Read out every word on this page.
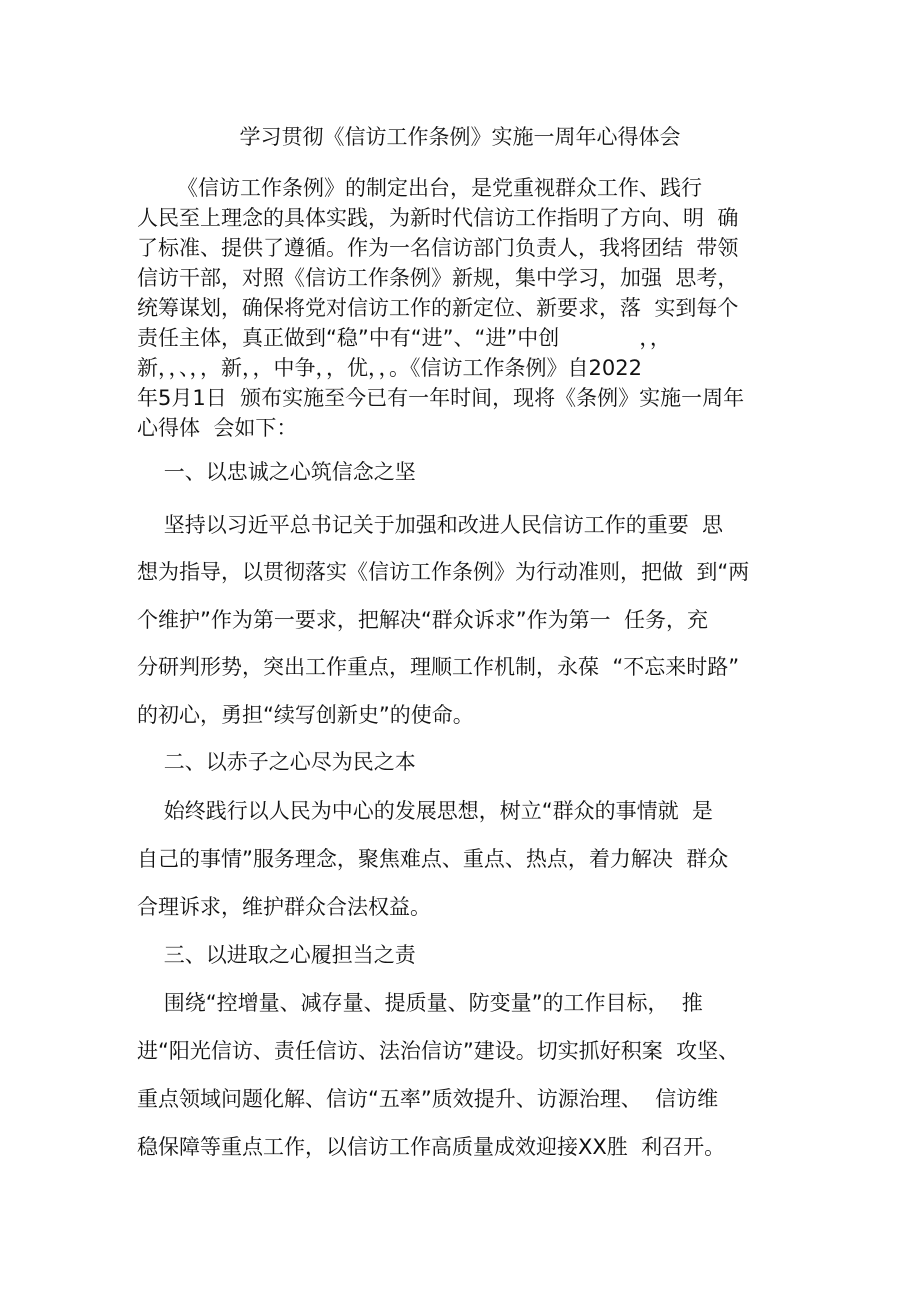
学习贯彻《信访工作条例》实施一周年心得体会
《信访工作条例》的制定出台，是党重视群众工作、践行
人民至上理念的具体实践，为新时代信访工作指明了方向、明  确
了标准、提供了遵循。作为一名信访部门负责人，我将团结  带领
信访干部，对照《信访工作条例》新规，集中学习，加强  思考，
统筹谋划，确保将党对信访工作的新定位、新要求，落  实到每个
责任主体，真正做到“稳”中有“进”、“进”中创            ，，
新，，、，，新，，中争，，优，，。《信访工作条例》自2022
年5月1日  颁布实施至今已有一年时间，现将《条例》实施一周年
心得体  会如下：
一、以忠诚之心筑信念之坚
坚持以习近平总书记关于加强和改进人民信访工作的重要  思
想为指导，以贯彻落实《信访工作条例》为行动准则，把做  到“两
个维护”作为第一要求，把解决“群众诉求”作为第一  任务，充
分研判形势，突出工作重点，理顺工作机制，永葆  “不忘来时路”
的初心，勇担“续写创新史”的使命。
二、以赤子之心尽为民之本
始终践行以人民为中心的发展思想，树立“群众的事情就  是
自己的事情”服务理念，聚焦难点、重点、热点，着力解决  群众
合理诉求，维护群众合法权益。
三、以进取之心履担当之责
围绕“控增量、减存量、提质量、防变量”的工作目标，  推
进“阳光信访、责任信访、法治信访”建设。切实抓好积案  攻坚、
重点领域问题化解、信访“五率”质效提升、访源治理、  信访维
稳保障等重点工作，以信访工作高质量成效迎接XX胜  利召开。
